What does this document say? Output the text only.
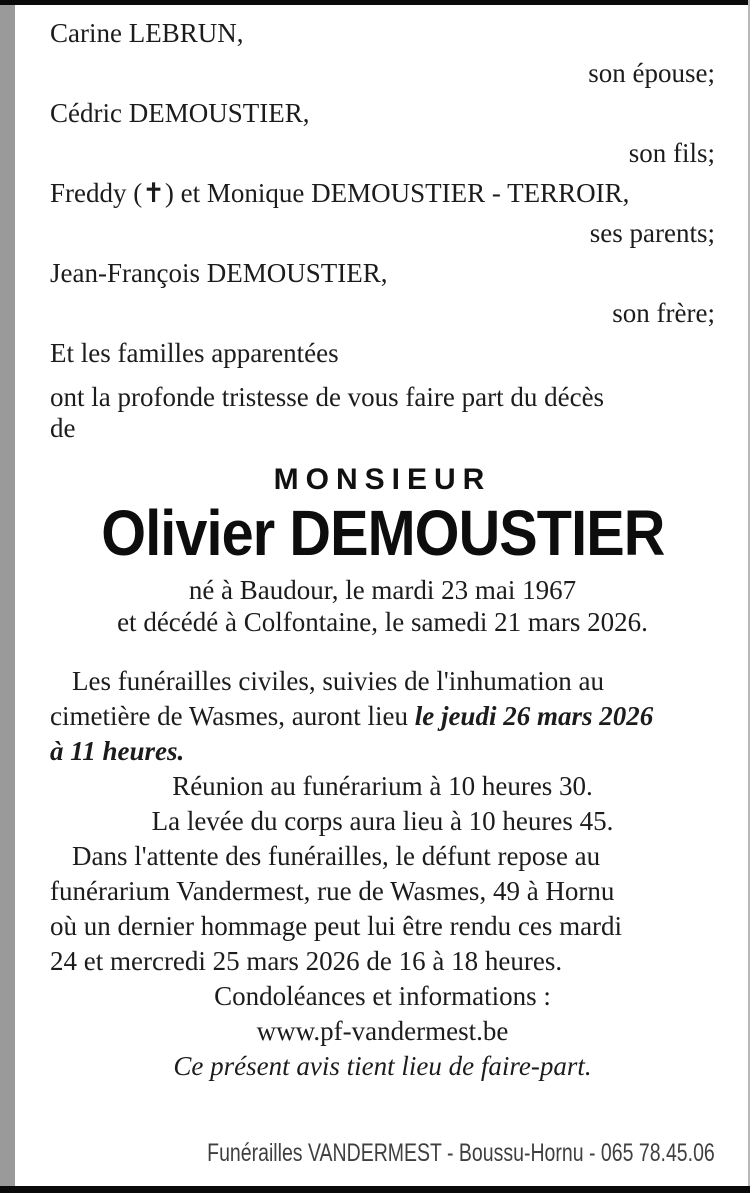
Carine LEBRUN,
son épouse;
Cédric DEMOUSTIER,
son fils;
Freddy (✝) et Monique DEMOUSTIER - TERROIR,
ses parents;
Jean-François DEMOUSTIER,
son frère;
Et les familles apparentées
ont la profonde tristesse de vous faire part du décès
de
MONSIEUR
Olivier DEMOUSTIER
né à Baudour, le mardi 23 mai 1967
et décédé à Colfontaine, le samedi 21 mars 2026.
Les funérailles civiles, suivies de l'inhumation au
cimetière de Wasmes, auront lieu le jeudi 26 mars 2026
à 11 heures.
Réunion au funérarium à 10 heures 30.
La levée du corps aura lieu à 10 heures 45.
Dans l'attente des funérailles, le défunt repose au
funérarium Vandermest, rue de Wasmes, 49 à Hornu
où un dernier hommage peut lui être rendu ces mardi
24 et mercredi 25 mars 2026 de 16 à 18 heures.
Condoléances et informations :
www.pf-vandermest.be
Ce présent avis tient lieu de faire-part.
Funérailles VANDERMEST - Boussu-Hornu - 065 78.45.06
